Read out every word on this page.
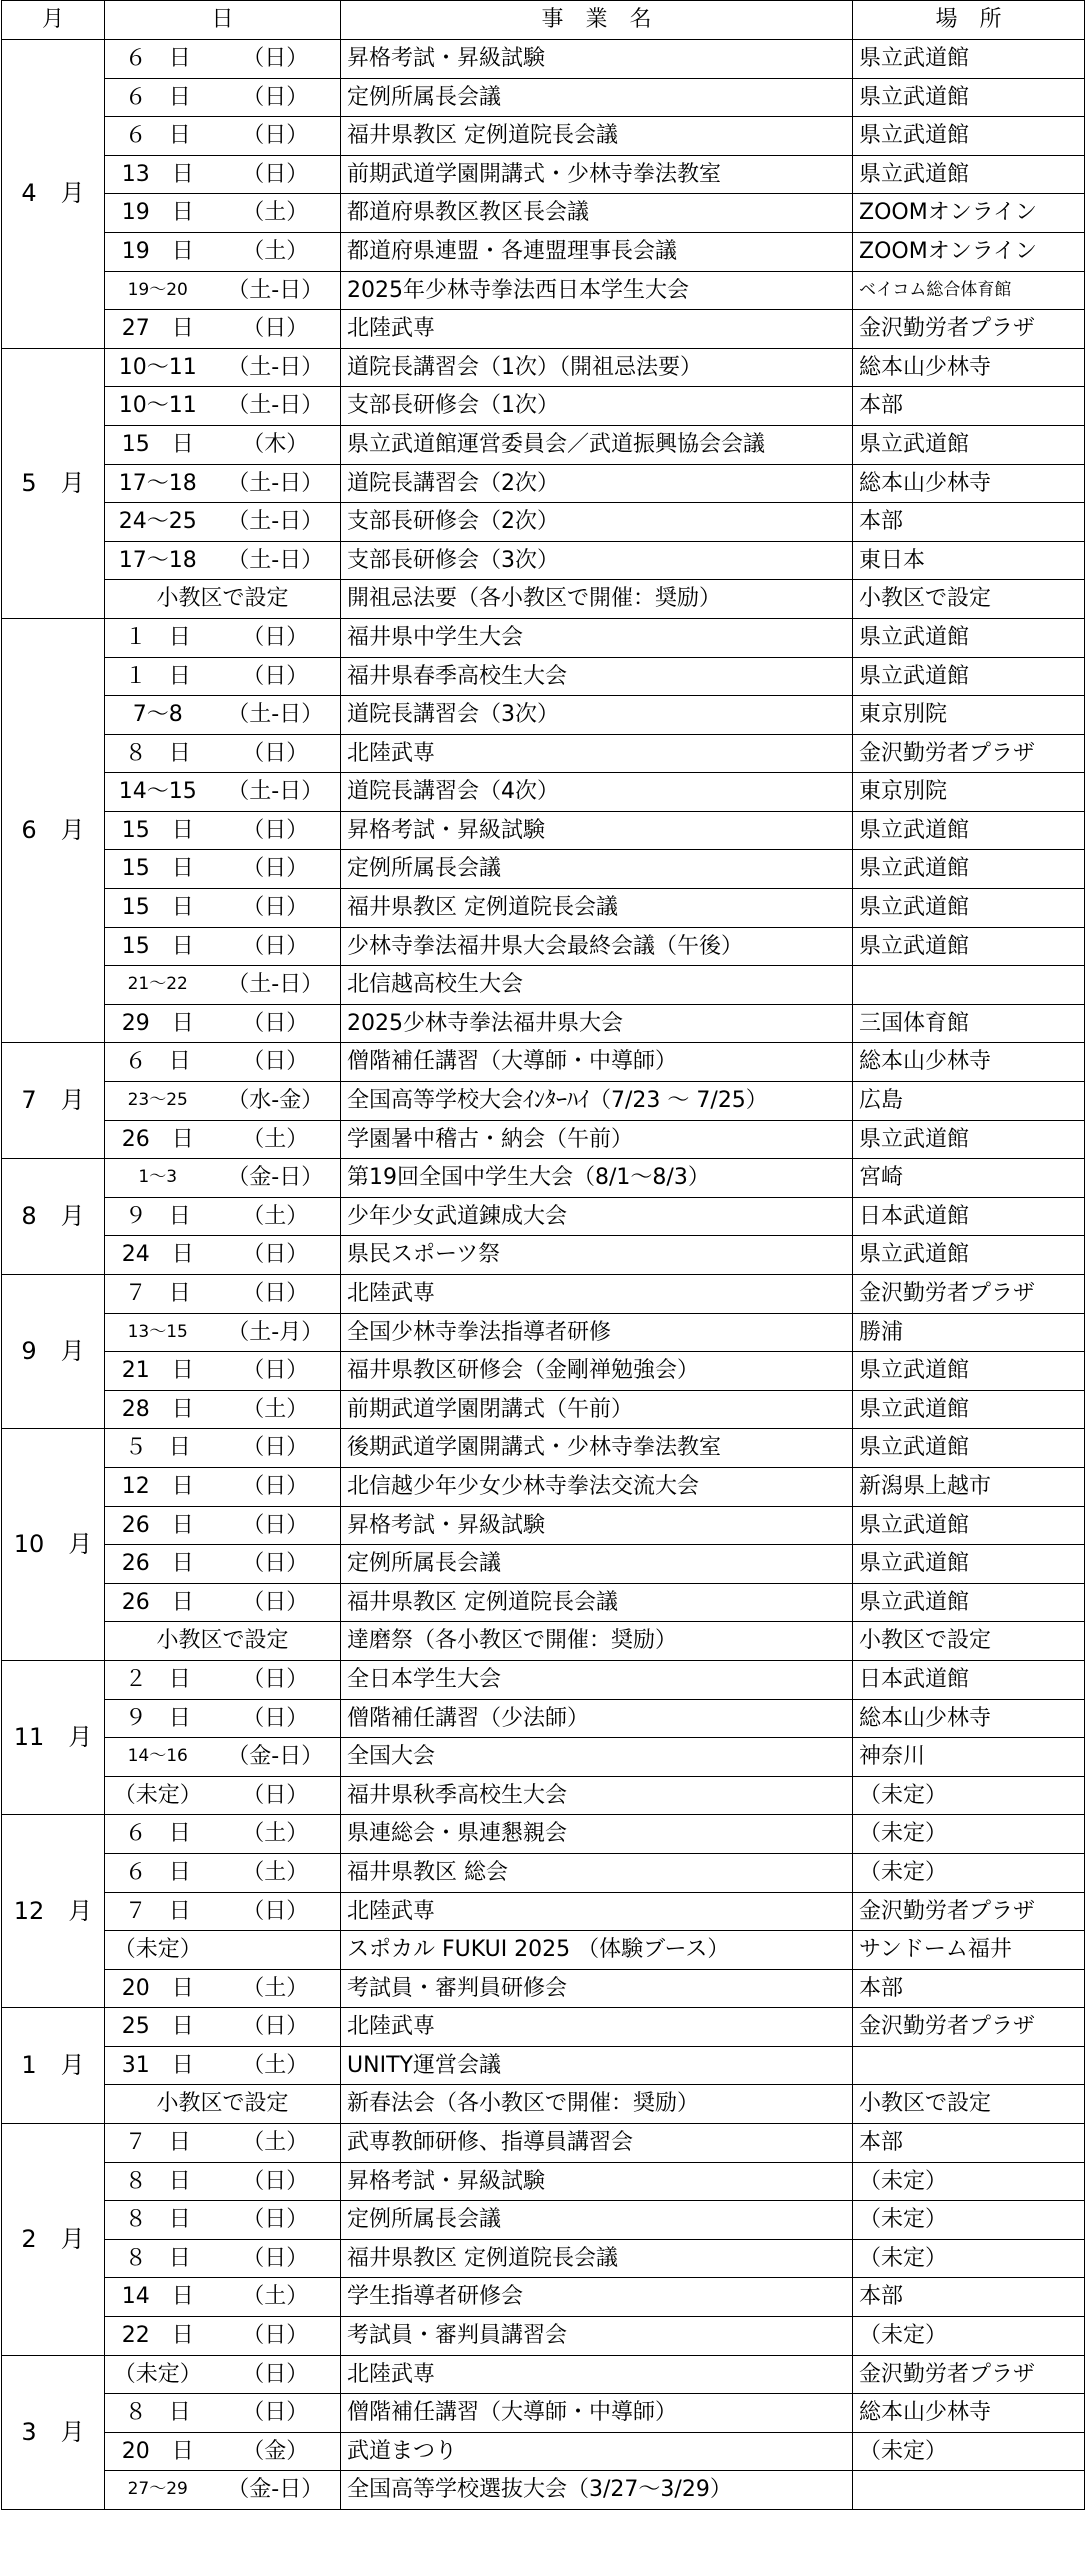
月	日		事　業　名	場　所
4　月	６　日	（日）	昇格考試・昇級試験	県立武道館
	６　日	（日）	定例所属長会議	県立武道館
	６　日	（日）	福井県教区 定例道院長会議	県立武道館
	13　日	（日）	前期武道学園開講式・少林寺拳法教室	県立武道館
	19　日	（土）	都道府県教区教区長会議	ZOOMオンライン
	19　日	（土）	都道府県連盟・各連盟理事長会議	ZOOMオンライン
	19〜20	（土-日）	2025年少林寺拳法西日本学生大会	ベイコム総合体育館
	27　日	（日）	北陸武専	金沢勤労者プラザ
5　月	10〜11	（土-日）	道院長講習会（1次）（開祖忌法要）	総本山少林寺
	10〜11	（土-日）	支部長研修会（1次）	本部
	15　日	（木）	県立武道館運営委員会／武道振興協会会議	県立武道館
	17〜18	（土-日）	道院長講習会（2次）	総本山少林寺
	24〜25	（土-日）	支部長研修会（2次）	本部
	17〜18	（土-日）	支部長研修会（3次）	東日本
	小教区で設定		開祖忌法要（各小教区で開催：奨励）	小教区で設定
6　月	１　日	（日）	福井県中学生大会	県立武道館
	１　日	（日）	福井県春季高校生大会	県立武道館
	7〜8	（土-日）	道院長講習会（3次）	東京別院
	８　日	（日）	北陸武専	金沢勤労者プラザ
	14〜15	（土-日）	道院長講習会（4次）	東京別院
	15　日	（日）	昇格考試・昇級試験	県立武道館
	15　日	（日）	定例所属長会議	県立武道館
	15　日	（日）	福井県教区 定例道院長会議	県立武道館
	15　日	（日）	少林寺拳法福井県大会最終会議（午後）	県立武道館
	21〜22	（土-日）	北信越高校生大会	
	29　日	（日）	2025少林寺拳法福井県大会	三国体育館
7　月	６　日	（日）	僧階補任講習（大導師・中導師）	総本山少林寺
	23〜25	（水-金）	全国高等学校大会ｲﾝﾀｰﾊｲ（7/23 〜 7/25）	広島
	26　日	（土）	学園暑中稽古・納会（午前）	県立武道館
8　月	1〜3	（金-日）	第19回全国中学生大会（8/1〜8/3）	宮崎
	９　日	（土）	少年少女武道錬成大会	日本武道館
	24　日	（日）	県民スポーツ祭	県立武道館
9　月	７　日	（日）	北陸武専	金沢勤労者プラザ
	13〜15	（土-月）	全国少林寺拳法指導者研修	勝浦
	21　日	（日）	福井県教区研修会（金剛禅勉強会）	県立武道館
	28　日	（土）	前期武道学園閉講式（午前）	県立武道館
10　月	５　日	（日）	後期武道学園開講式・少林寺拳法教室	県立武道館
	12　日	（日）	北信越少年少女少林寺拳法交流大会	新潟県上越市
	26　日	（日）	昇格考試・昇級試験	県立武道館
	26　日	（日）	定例所属長会議	県立武道館
	26　日	（日）	福井県教区 定例道院長会議	県立武道館
	小教区で設定		達磨祭（各小教区で開催：奨励）	小教区で設定
11　月	２　日	（日）	全日本学生大会	日本武道館
	９　日	（日）	僧階補任講習（少法師）	総本山少林寺
	14〜16	（金-日）	全国大会	神奈川
	（未定）	（日）	福井県秋季高校生大会	（未定）
12　月	６　日	（土）	県連総会・県連懇親会	（未定）
	６　日	（土）	福井県教区 総会	（未定）
	７　日	（日）	北陸武専	金沢勤労者プラザ
	（未定）		スポカル FUKUI 2025 （体験ブース）	サンドーム福井
	20　日	（土）	考試員・審判員研修会	本部
1　月	25　日	（日）	北陸武専	金沢勤労者プラザ
	31　日	（土）	UNITY運営会議	
	小教区で設定		新春法会（各小教区で開催：奨励）	小教区で設定
2　月	７　日	（土）	武専教師研修、指導員講習会	本部
	８　日	（日）	昇格考試・昇級試験	（未定）
	８　日	（日）	定例所属長会議	（未定）
	８　日	（日）	福井県教区 定例道院長会議	（未定）
	14　日	（土）	学生指導者研修会	本部
	22　日	（日）	考試員・審判員講習会	（未定）
3　月	（未定）	（日）	北陸武専	金沢勤労者プラザ
	８　日	（日）	僧階補任講習（大導師・中導師）	総本山少林寺
	20　日	（金）	武道まつり	（未定）
	27〜29	（金-日）	全国高等学校選抜大会（3/27〜3/29）	
